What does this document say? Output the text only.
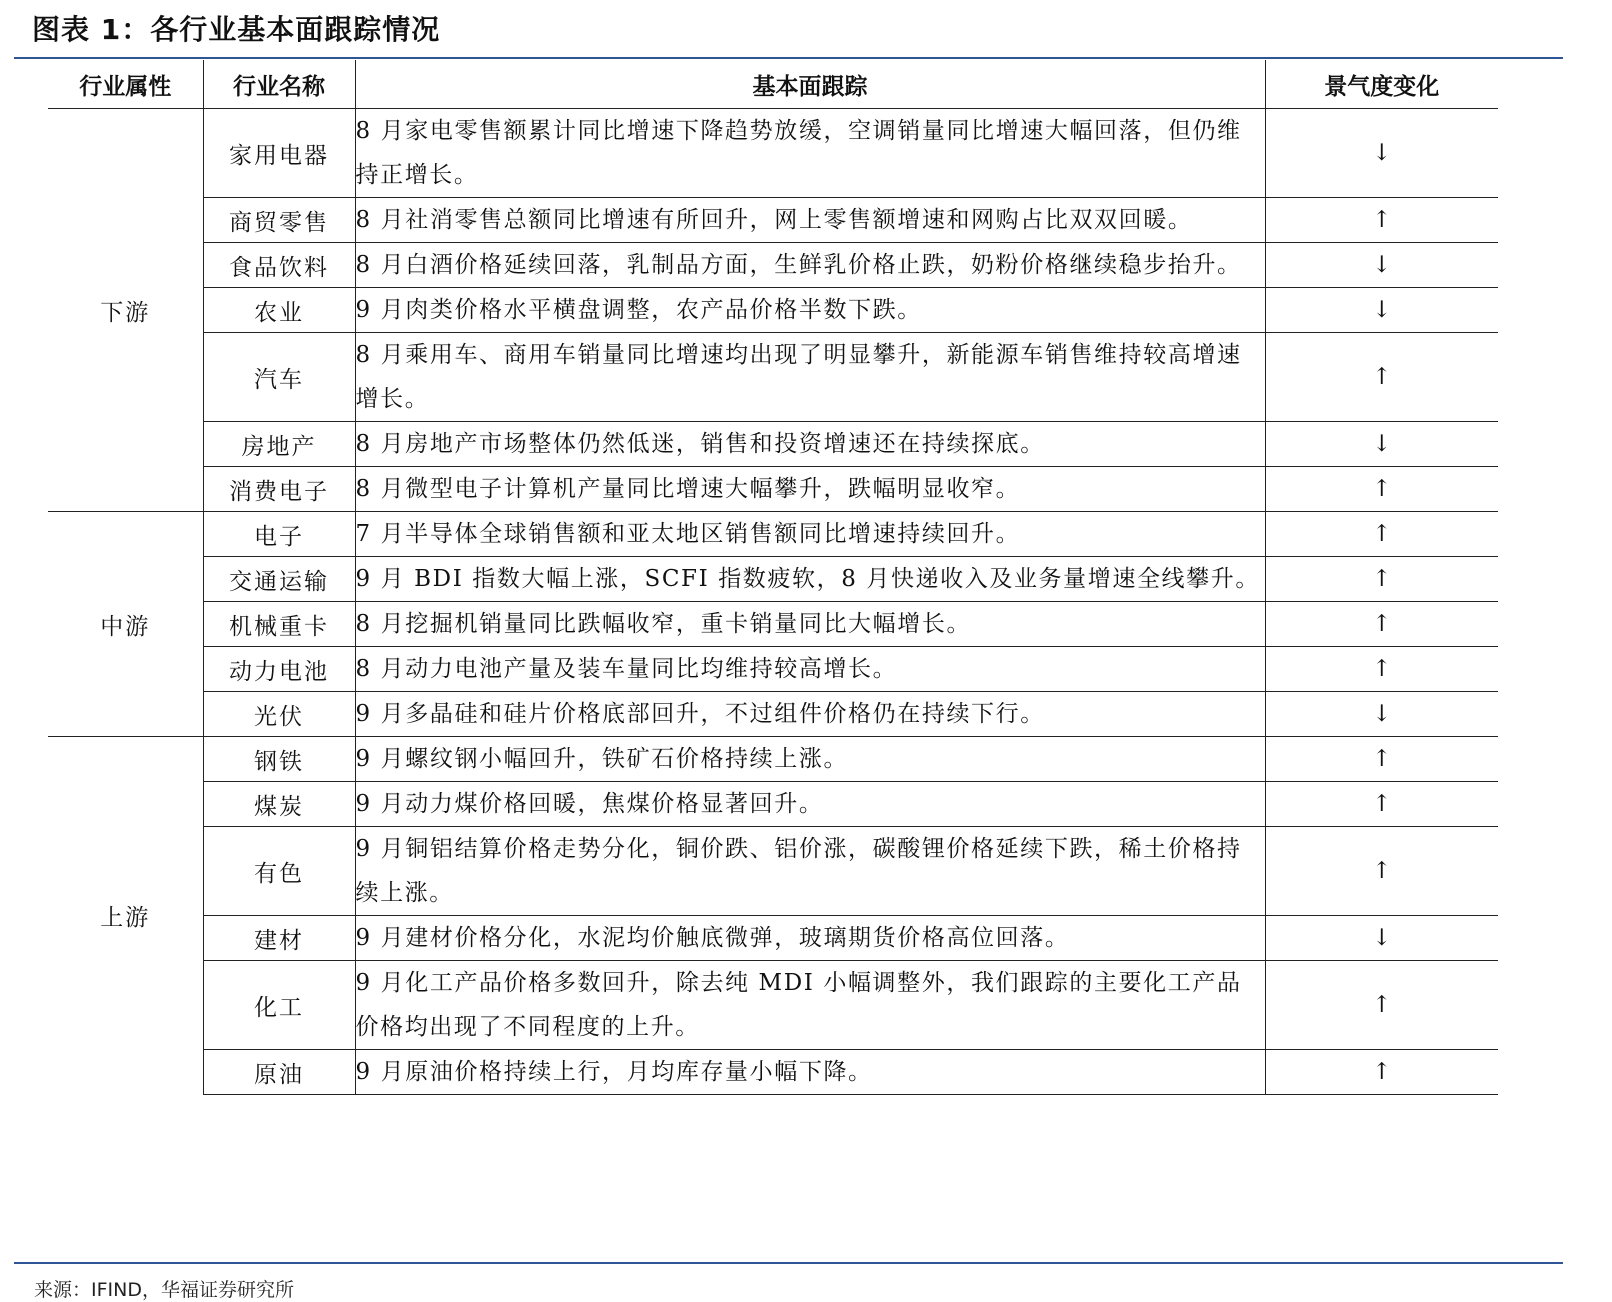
图表 1：各行业基本面跟踪情况
行业属性	行业名称	基本面跟踪	景气度变化
下游	家用电器	8 月家电零售额累计同比增速下降趋势放缓，空调销量同比增速大幅回落，但仍维持正增长。	↓
	商贸零售	8 月社消零售总额同比增速有所回升，网上零售额增速和网购占比双双回暖。	↑
	食品饮料	8 月白酒价格延续回落，乳制品方面，生鲜乳价格止跌，奶粉价格继续稳步抬升。	↓
	农业	9 月肉类价格水平横盘调整，农产品价格半数下跌。	↓
	汽车	8 月乘用车、商用车销量同比增速均出现了明显攀升，新能源车销售维持较高增速增长。	↑
	房地产	8 月房地产市场整体仍然低迷，销售和投资增速还在持续探底。	↓
	消费电子	8 月微型电子计算机产量同比增速大幅攀升，跌幅明显收窄。	↑
中游	电子	7 月半导体全球销售额和亚太地区销售额同比增速持续回升。	↑
	交通运输	9 月 BDI 指数大幅上涨，SCFI 指数疲软，8 月快递收入及业务量增速全线攀升。	↑
	机械重卡	8 月挖掘机销量同比跌幅收窄，重卡销量同比大幅增长。	↑
	动力电池	8 月动力电池产量及装车量同比均维持较高增长。	↑
	光伏	9 月多晶硅和硅片价格底部回升，不过组件价格仍在持续下行。	↓
上游	钢铁	9 月螺纹钢小幅回升，铁矿石价格持续上涨。	↑
	煤炭	9 月动力煤价格回暖，焦煤价格显著回升。	↑
	有色	9 月铜铝结算价格走势分化，铜价跌、铝价涨，碳酸锂价格延续下跌，稀土价格持续上涨。	↑
	建材	9 月建材价格分化，水泥均价触底微弹，玻璃期货价格高位回落。	↓
	化工	9 月化工产品价格多数回升，除去纯 MDI 小幅调整外，我们跟踪的主要化工产品价格均出现了不同程度的上升。	↑
	原油	9 月原油价格持续上行，月均库存量小幅下降。	↑
来源：IFIND，华福证券研究所
